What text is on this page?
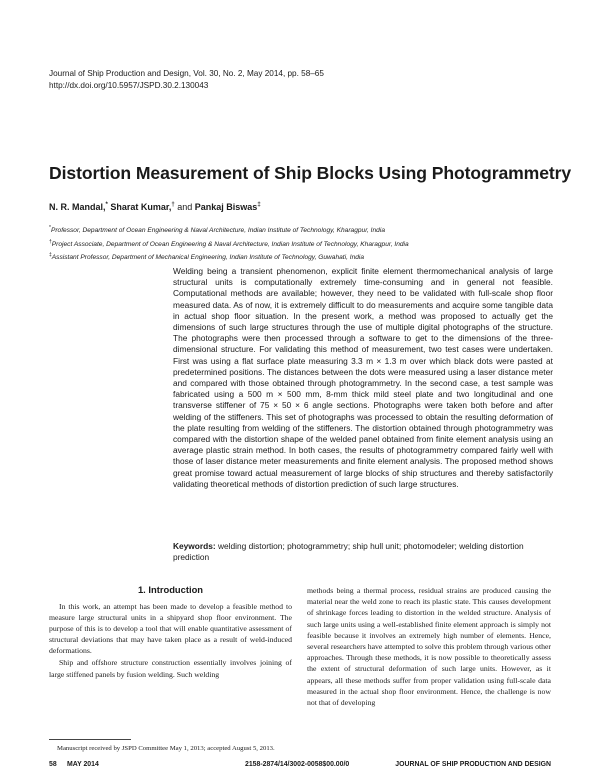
Journal of Ship Production and Design, Vol. 30, No. 2, May 2014, pp. 58–65
http://dx.doi.org/10.5957/JSPD.30.2.130043
Distortion Measurement of Ship Blocks Using Photogrammetry
N. R. Mandal,* Sharat Kumar,† and Pankaj Biswas‡
*Professor, Department of Ocean Engineering & Naval Architecture, Indian Institute of Technology, Kharagpur, India
†Project Associate, Department of Ocean Engineering & Naval Architecture, Indian Institute of Technology, Kharagpur, India
‡Assistant Professor, Department of Mechanical Engineering, Indian Institute of Technology, Guwahati, India
Welding being a transient phenomenon, explicit finite element thermomechanical analysis of large structural units is computationally extremely time-consuming and in general not feasible. Computational methods are available; however, they need to be validated with full-scale shop floor measured data. As of now, it is extremely difficult to do measurements and acquire some tangible data in actual shop floor situation. In the present work, a method was proposed to actually get the dimensions of such large structures through the use of multiple digital photographs of the structure. The photographs were then processed through a software to get to the dimensions of the three-dimensional structure. For validating this method of measurement, two test cases were undertaken. First was using a flat surface plate measuring 3.3 m × 1.3 m over which black dots were pasted at predetermined positions. The distances between the dots were measured using a laser distance meter and compared with those obtained through photogrammetry. In the second case, a test sample was fabricated using a 500 m × 500 mm, 8-mm thick mild steel plate and two longitudinal and one transverse stiffener of 75 × 50 × 6 angle sections. Photographs were taken both before and after welding of the stiffeners. This set of photographs was processed to obtain the resulting deformation of the plate resulting from welding of the stiffeners. The distortion obtained through photogrammetry was compared with the distortion shape of the welded panel obtained from finite element analysis using an average plastic strain method. In both cases, the results of photogrammetry compared fairly well with those of laser distance meter measurements and finite element analysis. The proposed method shows great promise toward actual measurement of large blocks of ship structures and thereby satisfactorily validating theoretical methods of distortion prediction of such large structures.
Keywords: welding distortion; photogrammetry; ship hull unit; photomodeler; welding distortion prediction
1. Introduction

In this work, an attempt has been made to develop a feasible method to measure large structural units in a shipyard shop floor environment. The purpose of this is to develop a tool that will enable quantitative assessment of structural deviations that may have taken place as a result of weld-induced deformations.

Ship and offshore structure construction essentially involves joining of large stiffened panels by fusion welding. Such welding

methods being a thermal process, residual strains are produced causing the material near the weld zone to reach its plastic state. This causes development of shrinkage forces leading to distortion in the welded structure. Analysis of such large units using a well-established finite element approach is simply not feasible because it involves an extremely high number of elements. Hence, several researchers have attempted to solve this problem through various other approaches. Through these methods, it is now possible to theoretically assess the extent of structural deformation of such large units. However, as it appears, all these methods suffer from proper validation using full-scale data measured in the actual shop floor environment. Hence, the challenge is now not that of developing

Manuscript received by JSPD Committee May 1, 2013; accepted August 5, 2013.
58 MAY 2014	2158-2874/14/3002-0058$00.00/0	JOURNAL OF SHIP PRODUCTION AND DESIGN
